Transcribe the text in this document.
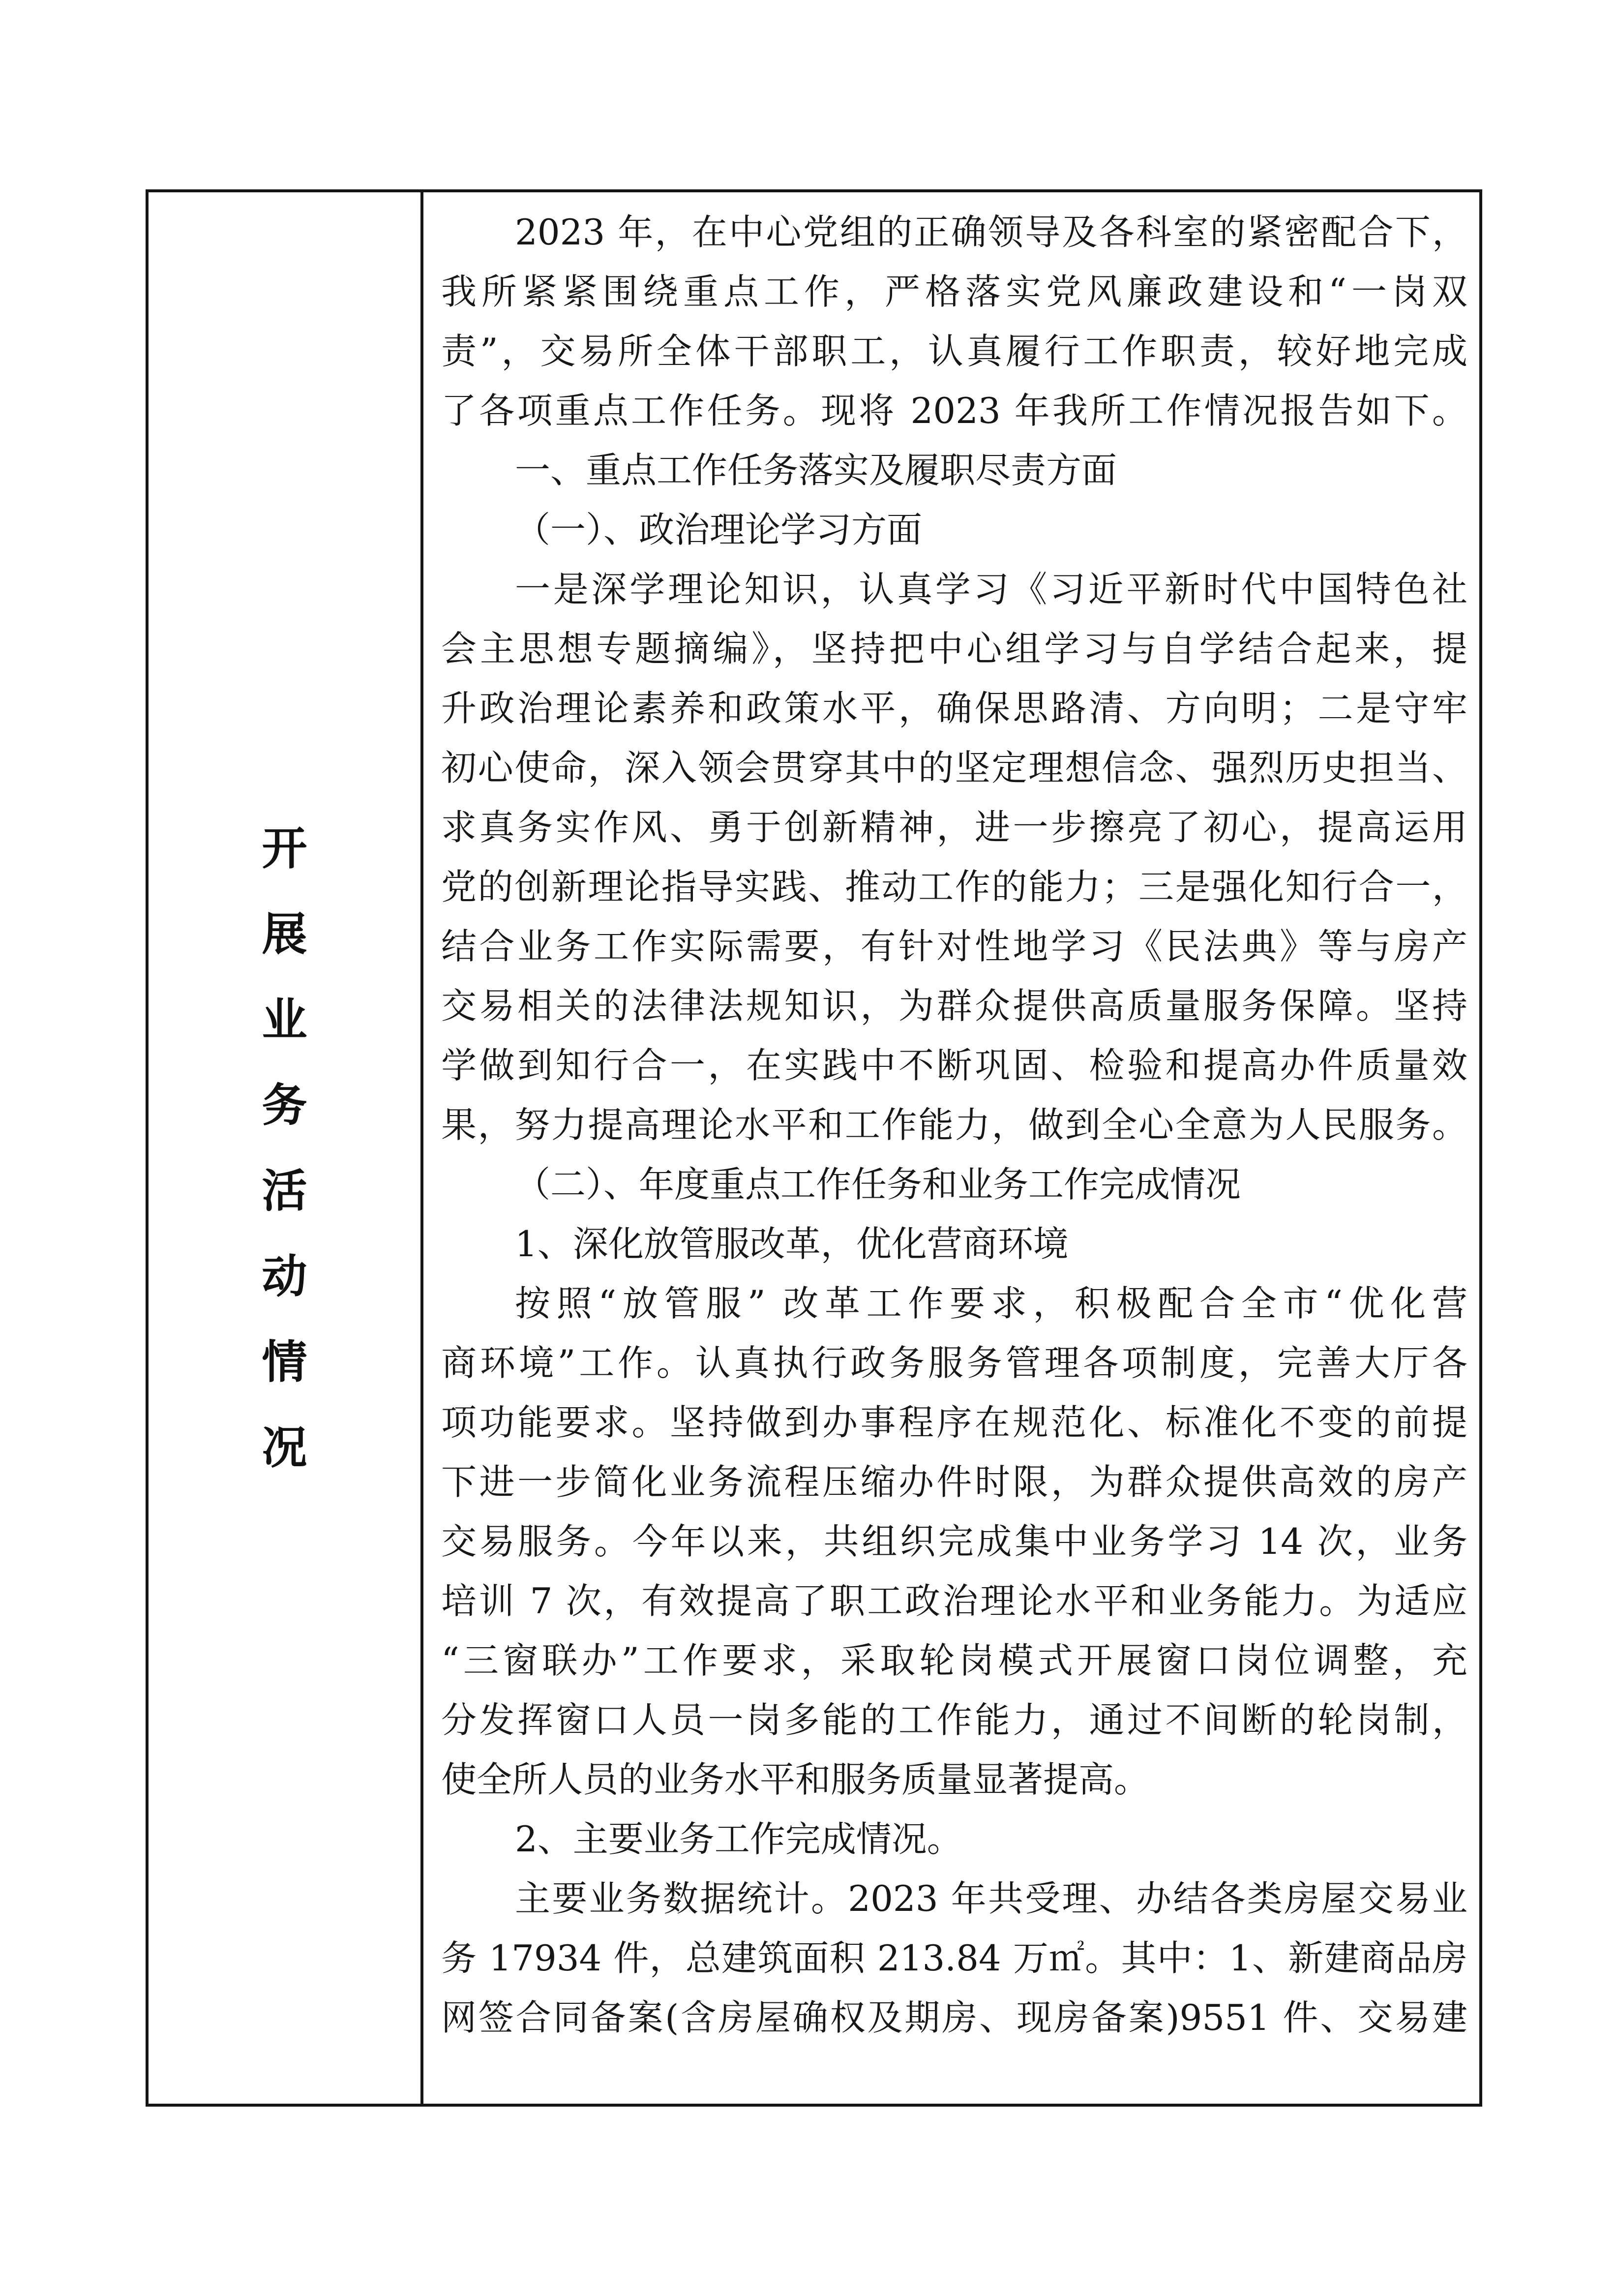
开展业务活动情况
2023 年，在中心党组的正确领导及各科室的紧密配合下，
我所紧紧围绕重点工作，严格落实党风廉政建设和“一岗双
责”，交易所全体干部职工，认真履行工作职责，较好地完成
了各项重点工作任务。现将 2023 年我所工作情况报告如下。
一、重点工作任务落实及履职尽责方面
（一）、政治理论学习方面
一是深学理论知识，认真学习《习近平新时代中国特色社
会主思想专题摘编》，坚持把中心组学习与自学结合起来，提
升政治理论素养和政策水平，确保思路清、方向明；二是守牢
初心使命，深入领会贯穿其中的坚定理想信念、强烈历史担当、
求真务实作风、勇于创新精神，进一步擦亮了初心，提高运用
党的创新理论指导实践、推动工作的能力；三是强化知行合一，
结合业务工作实际需要，有针对性地学习《民法典》等与房产
交易相关的法律法规知识，为群众提供高质量服务保障。坚持
学做到知行合一，在实践中不断巩固、检验和提高办件质量效
果，努力提高理论水平和工作能力，做到全心全意为人民服务。
（二）、年度重点工作任务和业务工作完成情况
1、深化放管服改革，优化营商环境
按照“放管服” 改革工作要求，积极配合全市“优化营
商环境”工作。认真执行政务服务管理各项制度，完善大厅各
项功能要求。坚持做到办事程序在规范化、标准化不变的前提
下进一步简化业务流程压缩办件时限，为群众提供高效的房产
交易服务。今年以来，共组织完成集中业务学习 14 次，业务
培训 7 次，有效提高了职工政治理论水平和业务能力。为适应
“三窗联办”工作要求，采取轮岗模式开展窗口岗位调整，充
分发挥窗口人员一岗多能的工作能力，通过不间断的轮岗制，
使全所人员的业务水平和服务质量显著提高。
2、主要业务工作完成情况。
主要业务数据统计。2023 年共受理、办结各类房屋交易业
务 17934 件，总建筑面积 213.84 万㎡。其中：1、新建商品房
网签合同备案(含房屋确权及期房、现房备案)9551 件、交易建
